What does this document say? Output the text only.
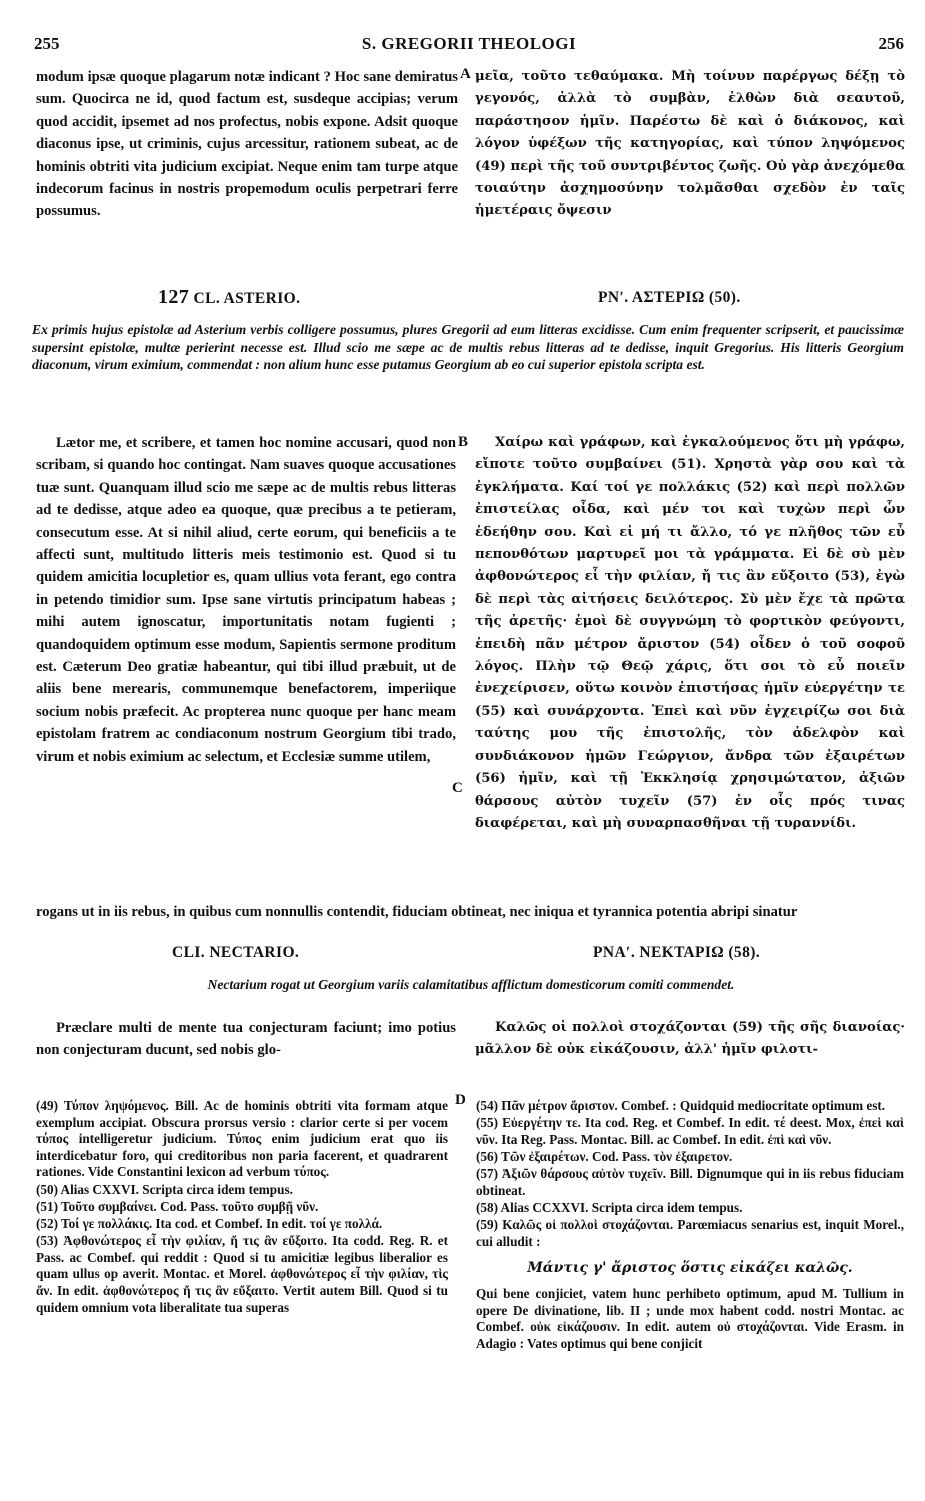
255	S. GREGORII THEOLOGI	256

modum ipsæ quoque plagarum notæ indicant ? Hoc sane demiratus sum. Quocirca ne id, quod factum est, susdeque accipias; verum quod accidit, ipsemet ad nos profectus, nobis expone. Adsit quoque diaconus ipse, ut criminis, cujus arcessitur, rationem subeat, ac de hominis obtriti vita judicium excipiat. Neque enim tam turpe atque indecorum facinus in nostris propemodum oculis perpetrari ferre possumus.

A μεῖα, τοῦτο τεθαύμακα. Μὴ τοίνυν παρέργως δέξῃ τὸ γεγονός, ἀλλὰ τὸ συμβὰν, ἐλθὼν διὰ σεαυτοῦ, παράστησον ἡμῖν. Παρέστω δὲ καὶ ὁ διάκονος, καὶ λόγον ὑφέξων τῆς κατηγορίας, καὶ τύπον ληψόμενος (49) περὶ τῆς τοῦ συντριβέντος ζωῆς. Οὐ γὰρ ἀνεχόμεθα τοιαύτην ἀσχημοσύνην τολμᾶσθαι σχεδὸν ἐν ταῖς ἡμετέραις ὄψεσιν

127 CL. ASTERIO.	ΡΝʹ. ΑΣΤΕΡΙΩ (50).
Ex primis hujus epistolæ ad Asterium verbis colligere possumus, plures Gregorii ad eum litteras excidisse. Cum enim frequenter scripserit, et paucissimæ supersint epistolæ, multæ perierint necesse est. Illud scio me sæpe ac de multis rebus litteras ad te dedisse, inquit Gregorius. His litteris Georgium diaconum, virum eximium, commendat : non alium hunc esse putamus Georgium ab eo cui superior epistola scripta est.

Lætor me, et scribere, et tamen hoc nomine accusari, quod non scribam, si quando hoc contingat. Nam suaves quoque accusationes tuæ sunt. Quanquam illud scio me sæpe ac de multis rebus litteras ad te dedisse, atque adeo ea quoque, quæ precibus a te petieram, consecutum esse. At si nihil aliud, certe eorum, qui beneficiis a te affecti sunt, multitudo litteris meis testimonio est. Quod si tu quidem amicitia locupletior es, quam ullius vota ferant, ego contra in petendo timidior sum. Ipse sane virtutis principatum habeas ; mihi autem ignoscatur, importunitatis notam fugienti ; quandoquidem optimum esse modum, Sapientis sermone proditum est. Cæterum Deo gratiæ habeantur, qui tibi illud præbuit, ut de aliis bene merearis, communemque benefactorem, imperiique socium nobis præfecit. Ac propterea nunc quoque per hanc meam epistolam fratrem ac condiaconum nostrum Georgium tibi trado, virum et nobis eximium ac selectum, et Ecclesiæ summe utilem,

B
C

Χαίρω καὶ γράφων, καὶ ἐγκαλούμενος ὅτι μὴ γράφω, εἴποτε τοῦτο συμβαίνει (51). Χρηστὰ γὰρ σου καὶ τὰ ἐγκλήματα. Καί τοί γε πολλάκις (52) καὶ περὶ πολλῶν ἐπιστείλας οἶδα, καὶ μέν τοι καὶ τυχὼν περὶ ὧν ἐδεήθην σου. Καὶ εἰ μή τι ἄλλο, τό γε πλῆθος τῶν εὖ πεπονθότων μαρτυρεῖ μοι τὰ γράμματα. Εἰ δὲ σὺ μὲν ἀφθονώτερος εἶ τὴν φιλίαν, ἤ τις ἂν εὔξοιτο (53), ἐγὼ δὲ περὶ τὰς αἰτήσεις δειλότερος. Σὺ μὲν ἔχε τὰ πρῶτα τῆς ἀρετῆς· ἐμοὶ δὲ συγγνώμη τὸ φορτικὸν φεύγοντι, ἐπειδὴ πᾶν μέτρον ἄριστον (54) οἶδεν ὁ τοῦ σοφοῦ λόγος. Πλὴν τῷ Θεῷ χάρις, ὅτι σοι τὸ εὖ ποιεῖν ἐνεχείρισεν, οὕτω κοινὸν ἐπιστήσας ἡμῖν εὐεργέτην τε (55) καὶ συνάρχοντα. Ἐπεὶ καὶ νῦν ἐγχειρίζω σοι διὰ ταύτης μου τῆς ἐπιστολῆς, τὸν ἀδελφὸν καὶ συνδιάκονον ἡμῶν Γεώργιον, ἄνδρα τῶν ἐξαιρέτων (56) ἡμῖν, καὶ τῇ Ἐκκλησίᾳ χρησιμώτατον, ἀξιῶν θάρσους αὐτὸν τυχεῖν (57) ἐν οἷς πρός τινας διαφέρεται, καὶ μὴ συναρπασθῆναι τῇ τυραννίδι.

rogans ut in iis rebus, in quibus cum nonnullis contendit, fiduciam obtineat, nec iniqua et tyrannica potentia abripi sinatur
CLI. NECTARIO.	ΡΝΑʹ. ΝΕΚΤΑΡΙΩ (58).
Nectarium rogat ut Georgium variis calamitatibus afflictum domesticorum comiti commendet.

Præclare multi de mente tua conjecturam faciunt; imo potius non conjecturam ducunt, sed nobis glo-

Καλῶς οἱ πολλοὶ στοχάζονται (59) τῆς σῆς διανοίας· μᾶλλον δὲ οὐκ εἰκάζουσιν, ἀλλ' ἡμῖν φιλοτι-

D

(49) Τύπον ληψόμενος. Bill. Ac de hominis obtriti vita formam atque exemplum accipiat. Obscura prorsus versio : clarior certe si per vocem τύπος intelligeretur judicium. Τύπος enim judicium erat quo iis interdicebatur foro, qui creditoribus non paria facerent, et quadrarent rationes. Vide Constantini lexicon ad verbum τύπος.

(50) Alias CXXVI. Scripta circa idem tempus.

(51) Τοῦτο συμβαίνει. Cod. Pass. τοῦτο συμβῇ νῦν.

(52) Τοί γε πολλάκις. Ita cod. et Combef. In edit. τοί γε πολλά.

(53) Ἀφθονώτερος εἶ τὴν φιλίαν, ἤ τις ἂν εὔξοιτο. Ita codd. Reg. R. et Pass. ac Combef. qui reddit : Quod si tu amicitiæ legibus liberalior es quam ullus op averit. Montac. et Morel. ἀφθονώτερος εἶ τὴν φιλίαν, τὶς ἄν. In edit. ἀφθονώτερος ἤ τις ἂν εὔξαιτο. Vertit autem Bill. Quod si tu quidem omnium vota liberalitate tua superas

(54) Πᾶν μέτρον ἄριστον. Combef. : Quidquid mediocritate optimum est.

(55) Εὐεργέτην τε. Ita cod. Reg. et Combef. In edit. τέ deest. Mox, ἐπεὶ καὶ νῦν. Ita Reg. Pass. Montac. Bill. ac Combef. In edit. ἐπὶ καὶ νῦν.

(56) Τῶν ἐξαιρέτων. Cod. Pass. τὸν ἐξαιρετον.

(57) Ἀξιῶν θάρσους αὐτὸν τυχεῖν. Bill. Dignumque qui in iis rebus fiduciam obtineat.

(58) Alias CCXXVI. Scripta circa idem tempus.

(59) Καλῶς οἱ πολλοὶ στοχάζονται. Parœmiacus senarius est, inquit Morel., cui alludit :

Μάντις γ' ἄριστος ὅστις εἰκάζει καλῶς.

Qui bene conjiciet, vatem hunc perhibeto optimum, apud M. Tullium in opere De divinatione, lib. II ; unde mox habent codd. nostri Montac. ac Combef. οὐκ εἰκάζουσιν. In edit. autem οὐ στοχάζονται. Vide Erasm. in Adagio : Vates optimus qui bene conjicit
